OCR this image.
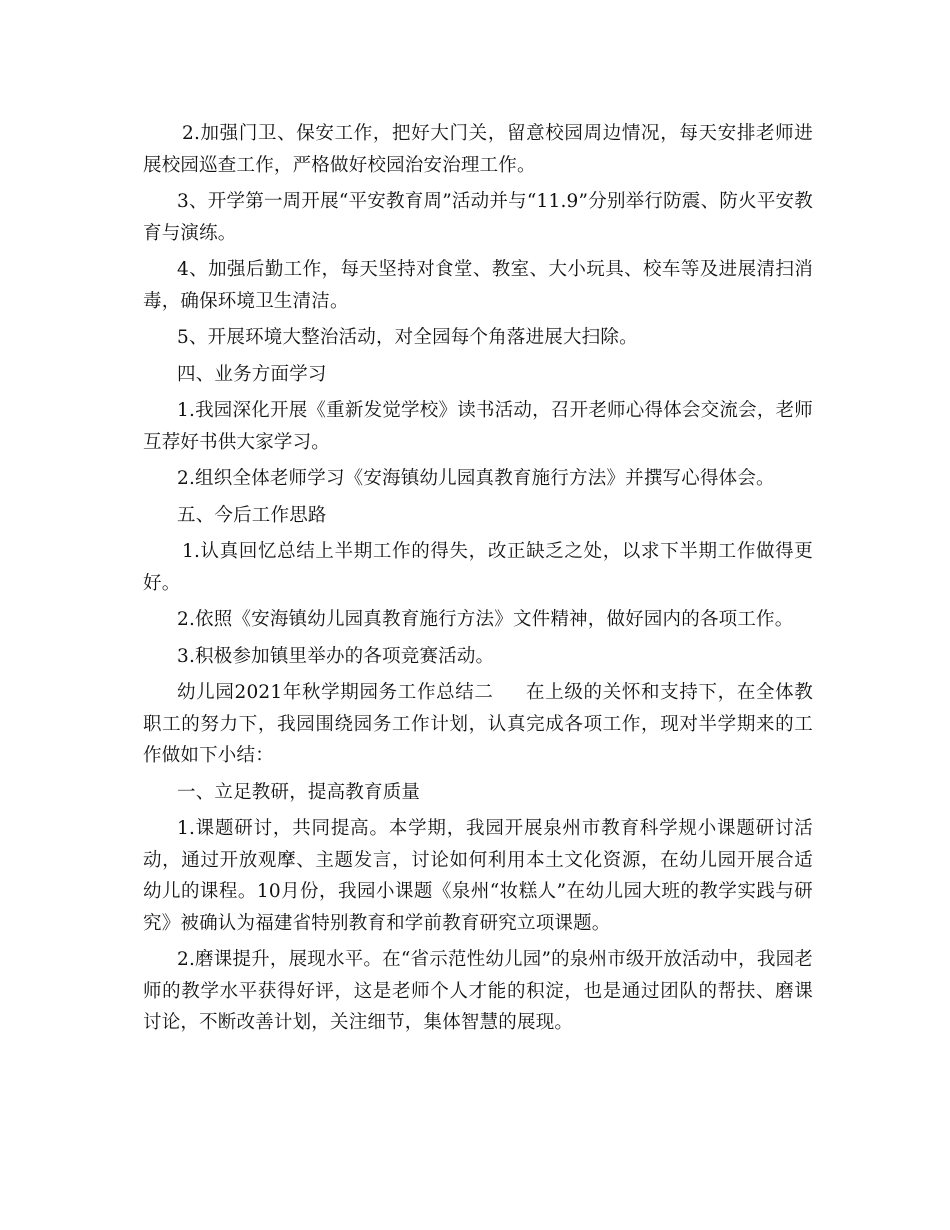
2.加强门卫、保安工作，把好大门关，留意校园周边情况，每天安排老师进展校园巡查工作，严格做好校园治安治理工作。

3、开学第一周开展“平安教育周”活动并与“11.9”分别举行防震、防火平安教育与演练。

4、加强后勤工作，每天坚持对食堂、教室、大小玩具、校车等及进展清扫消毒，确保环境卫生清洁。

5、开展环境大整治活动，对全园每个角落进展大扫除。

四、业务方面学习

1.我园深化开展《重新发觉学校》读书活动，召开老师心得体会交流会，老师互荐好书供大家学习。

2.组织全体老师学习《安海镇幼儿园真教育施行方法》并撰写心得体会。

五、今后工作思路

1.认真回忆总结上半期工作的得失，改正缺乏之处，以求下半期工作做得更好。

2.依照《安海镇幼儿园真教育施行方法》文件精神，做好园内的各项工作。

3.积极参加镇里举办的各项竞赛活动。

幼儿园2021年秋学期园务工作总结二 在上级的关怀和支持下，在全体教职工的努力下，我园围绕园务工作计划，认真完成各项工作，现对半学期来的工作做如下小结：

一、立足教研，提高教育质量

1.课题研讨，共同提高。本学期，我园开展泉州市教育科学规小课题研讨活动，通过开放观摩、主题发言，讨论如何利用本土文化资源，在幼儿园开展合适幼儿的课程。10月份，我园小课题《泉州“妆糕人”在幼儿园大班的教学实践与研究》被确认为福建省特别教育和学前教育研究立项课题。

2.磨课提升，展现水平。在“省示范性幼儿园”的泉州市级开放活动中，我园老师的教学水平获得好评，这是老师个人才能的积淀，也是通过团队的帮扶、磨课讨论，不断改善计划，关注细节，集体智慧的展现。
